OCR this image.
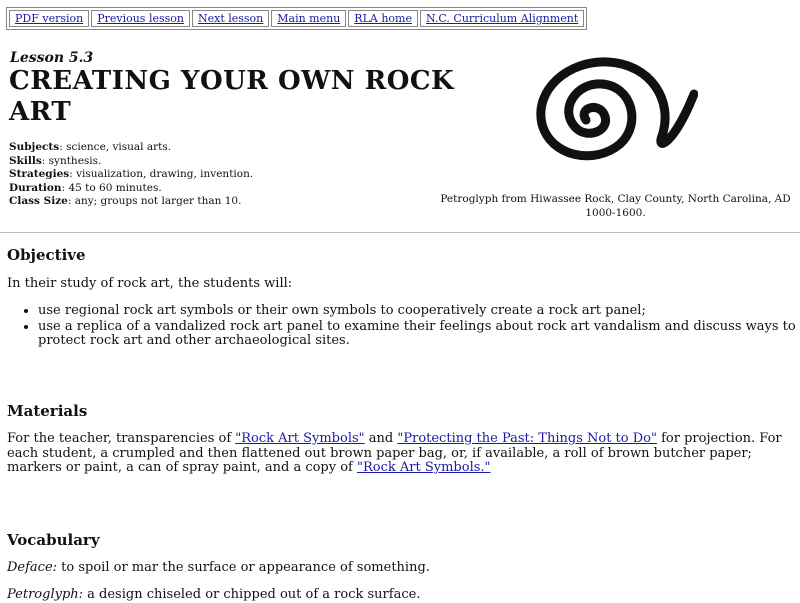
PDF version	Previous lesson	Next lesson	Main menu	RLA home	N.C. Curriculum Alignment
Lesson 5.3
CREATING YOUR OWN ROCK ART
Subjects: science, visual arts.
Skills: synthesis.
Strategies: visualization, drawing, invention.
Duration: 45 to 60 minutes.
Class Size: any; groups not larger than 10.	Petroglyph from Hiwassee Rock, Clay County, North Carolina, AD 1000-1600.
Objective
In their study of rock art, the students will:
• use regional rock art symbols or their own symbols to cooperatively create a rock art panel;
• use a replica of a vandalized rock art panel to examine their feelings about rock art vandalism and discuss ways to protect rock art and other archaeological sites.
Materials
For the teacher, transparencies of "Rock Art Symbols" and "Protecting the Past: Things Not to Do" for projection. For each student, a crumpled and then flattened out brown paper bag, or, if available, a roll of brown butcher paper; markers or paint, a can of spray paint, and a copy of "Rock Art Symbols."
Vocabulary
Deface: to spoil or mar the surface or appearance of something.
Petroglyph: a design chiseled or chipped out of a rock surface.
